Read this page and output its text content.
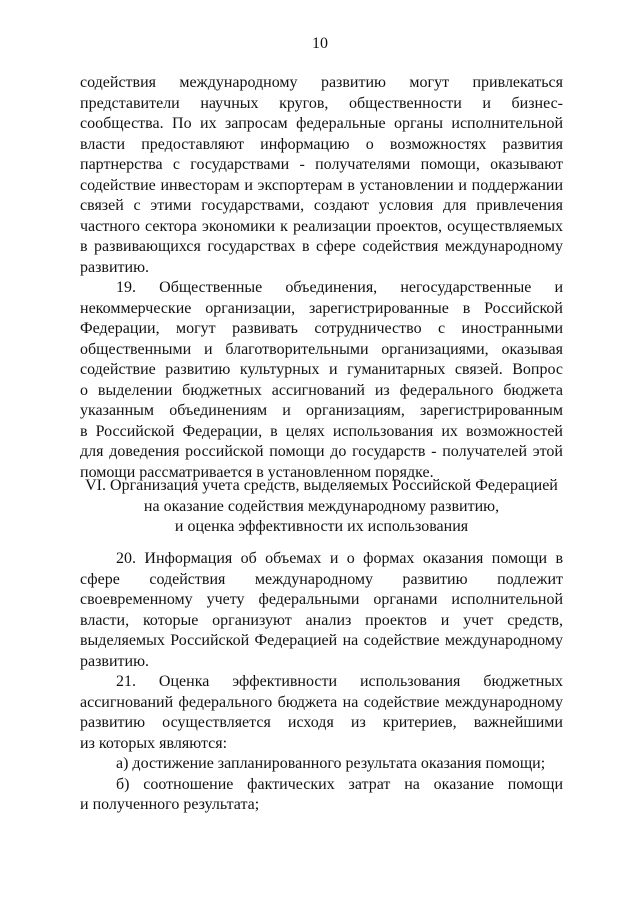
10
содействия международному развитию могут привлекаться
представители научных кругов, общественности и бизнес-
сообщества. По их запросам федеральные органы исполнительной
власти предоставляют информацию о возможностях развития
партнерства с государствами - получателями помощи, оказывают
содействие инвесторам и экспортерам в установлении и поддержании
связей с этими государствами, создают условия для привлечения
частного сектора экономики к реализации проектов, осуществляемых
в развивающихся государствах в сфере содействия международному
развитию.
19. Общественные объединения, негосударственные и
некоммерческие организации, зарегистрированные в Российской
Федерации, могут развивать сотрудничество с иностранными
общественными и благотворительными организациями, оказывая
содействие развитию культурных и гуманитарных связей. Вопрос
о выделении бюджетных ассигнований из федерального бюджета
указанным объединениям и организациям, зарегистрированным
в Российской Федерации, в целях использования их возможностей
для доведения российской помощи до государств - получателей этой
помощи рассматривается в установленном порядке.
VI. Организация учета средств, выделяемых Российской Федерацией
на оказание содействия международному развитию,
и оценка эффективности их использования
20. Информация об объемах и о формах оказания помощи в
сфере содействия международному развитию подлежит
своевременному учету федеральными органами исполнительной
власти, которые организуют анализ проектов и учет средств,
выделяемых Российской Федерацией на содействие международному
развитию.
21. Оценка эффективности использования бюджетных
ассигнований федерального бюджета на содействие международному
развитию осуществляется исходя из критериев, важнейшими
из которых являются:
а) достижение запланированного результата оказания помощи;
б) соотношение фактических затрат на оказание помощи
и полученного результата;
